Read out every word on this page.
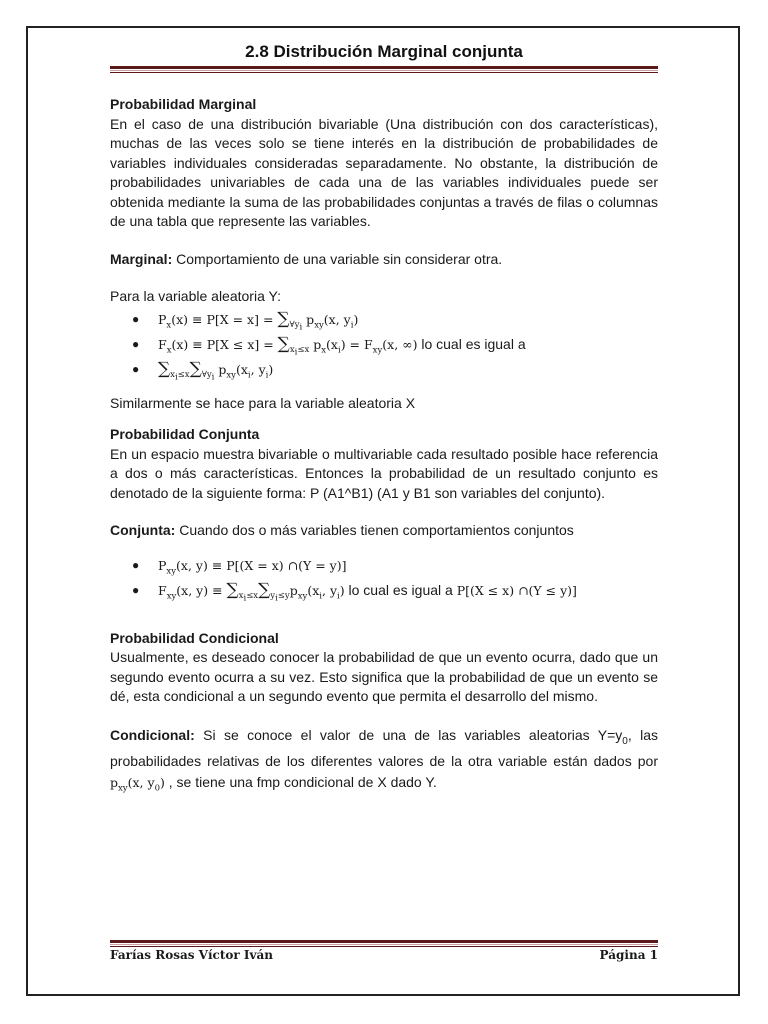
2.8 Distribución Marginal conjunta
Probabilidad Marginal

En el caso de una distribución bivariable (Una distribución con dos características), muchas de las veces solo se tiene interés en la distribución de probabilidades de variables individuales consideradas separadamente. No obstante, la distribución de probabilidades univariables de cada una de las variables individuales puede ser obtenida mediante la suma de las probabilidades conjuntas a través de filas o columnas de una tabla que represente las variables.

Marginal: Comportamiento de una variable sin considerar otra.
Para la variable aleatoria Y:
● $P_x(x) \equiv P[X = x] = \sum_{\forall y_i}$ $p_{xy}(x$, $y_i$)
● $F_x(x) \equiv P[X \le x] = \sum_{x_i\le x}$ $p_x(x_i) = F_{xy}(x$, ∞) lo cual es igual a
● $\sum_{x_i\le x}\sum_{\forall y_i}$ $p_{xy}(x_i$, $y_i$)
Similarmente se hace para la variable aleatoria X
Probabilidad Conjunta

En un espacio muestra bivariable o multivariable cada resultado posible hace referencia a dos o más características. Entonces la probabilidad de un resultado conjunto es denotado de la siguiente forma: P (A1^B1) (A1 y B1 son variables del conjunto).

Conjunta: Cuando dos o más variables tienen comportamientos conjuntos
● $P_{xy}(x$, y) ≡ P[(X = x) ∩(Y = y)]
● $F_{xy}(x$, $y) \equiv \sum_{x_i\le x}\sum_{y_i\le y}p_{xy}(x_i$, $y_i$) lo cual es igual a P[(X ≤ x) ∩(Y ≤ y)]
Probabilidad Condicional

Usualmente, es deseado conocer la probabilidad de que un evento ocurra, dado que un segundo evento ocurra a su vez. Esto significa que la probabilidad de que un evento se dé, esta condicional a un segundo evento que permita el desarrollo del mismo.

Condicional: Si se conoce el valor de una de las variables aleatorias $Y=y_0$, las probabilidades relativas de los diferentes valores de la otra variable están dados por $p_{xy}(x$, $y_0$) , se tiene una fmp condicional de X dado Y.

Farías Rosas Víctor Iván	Página 1
